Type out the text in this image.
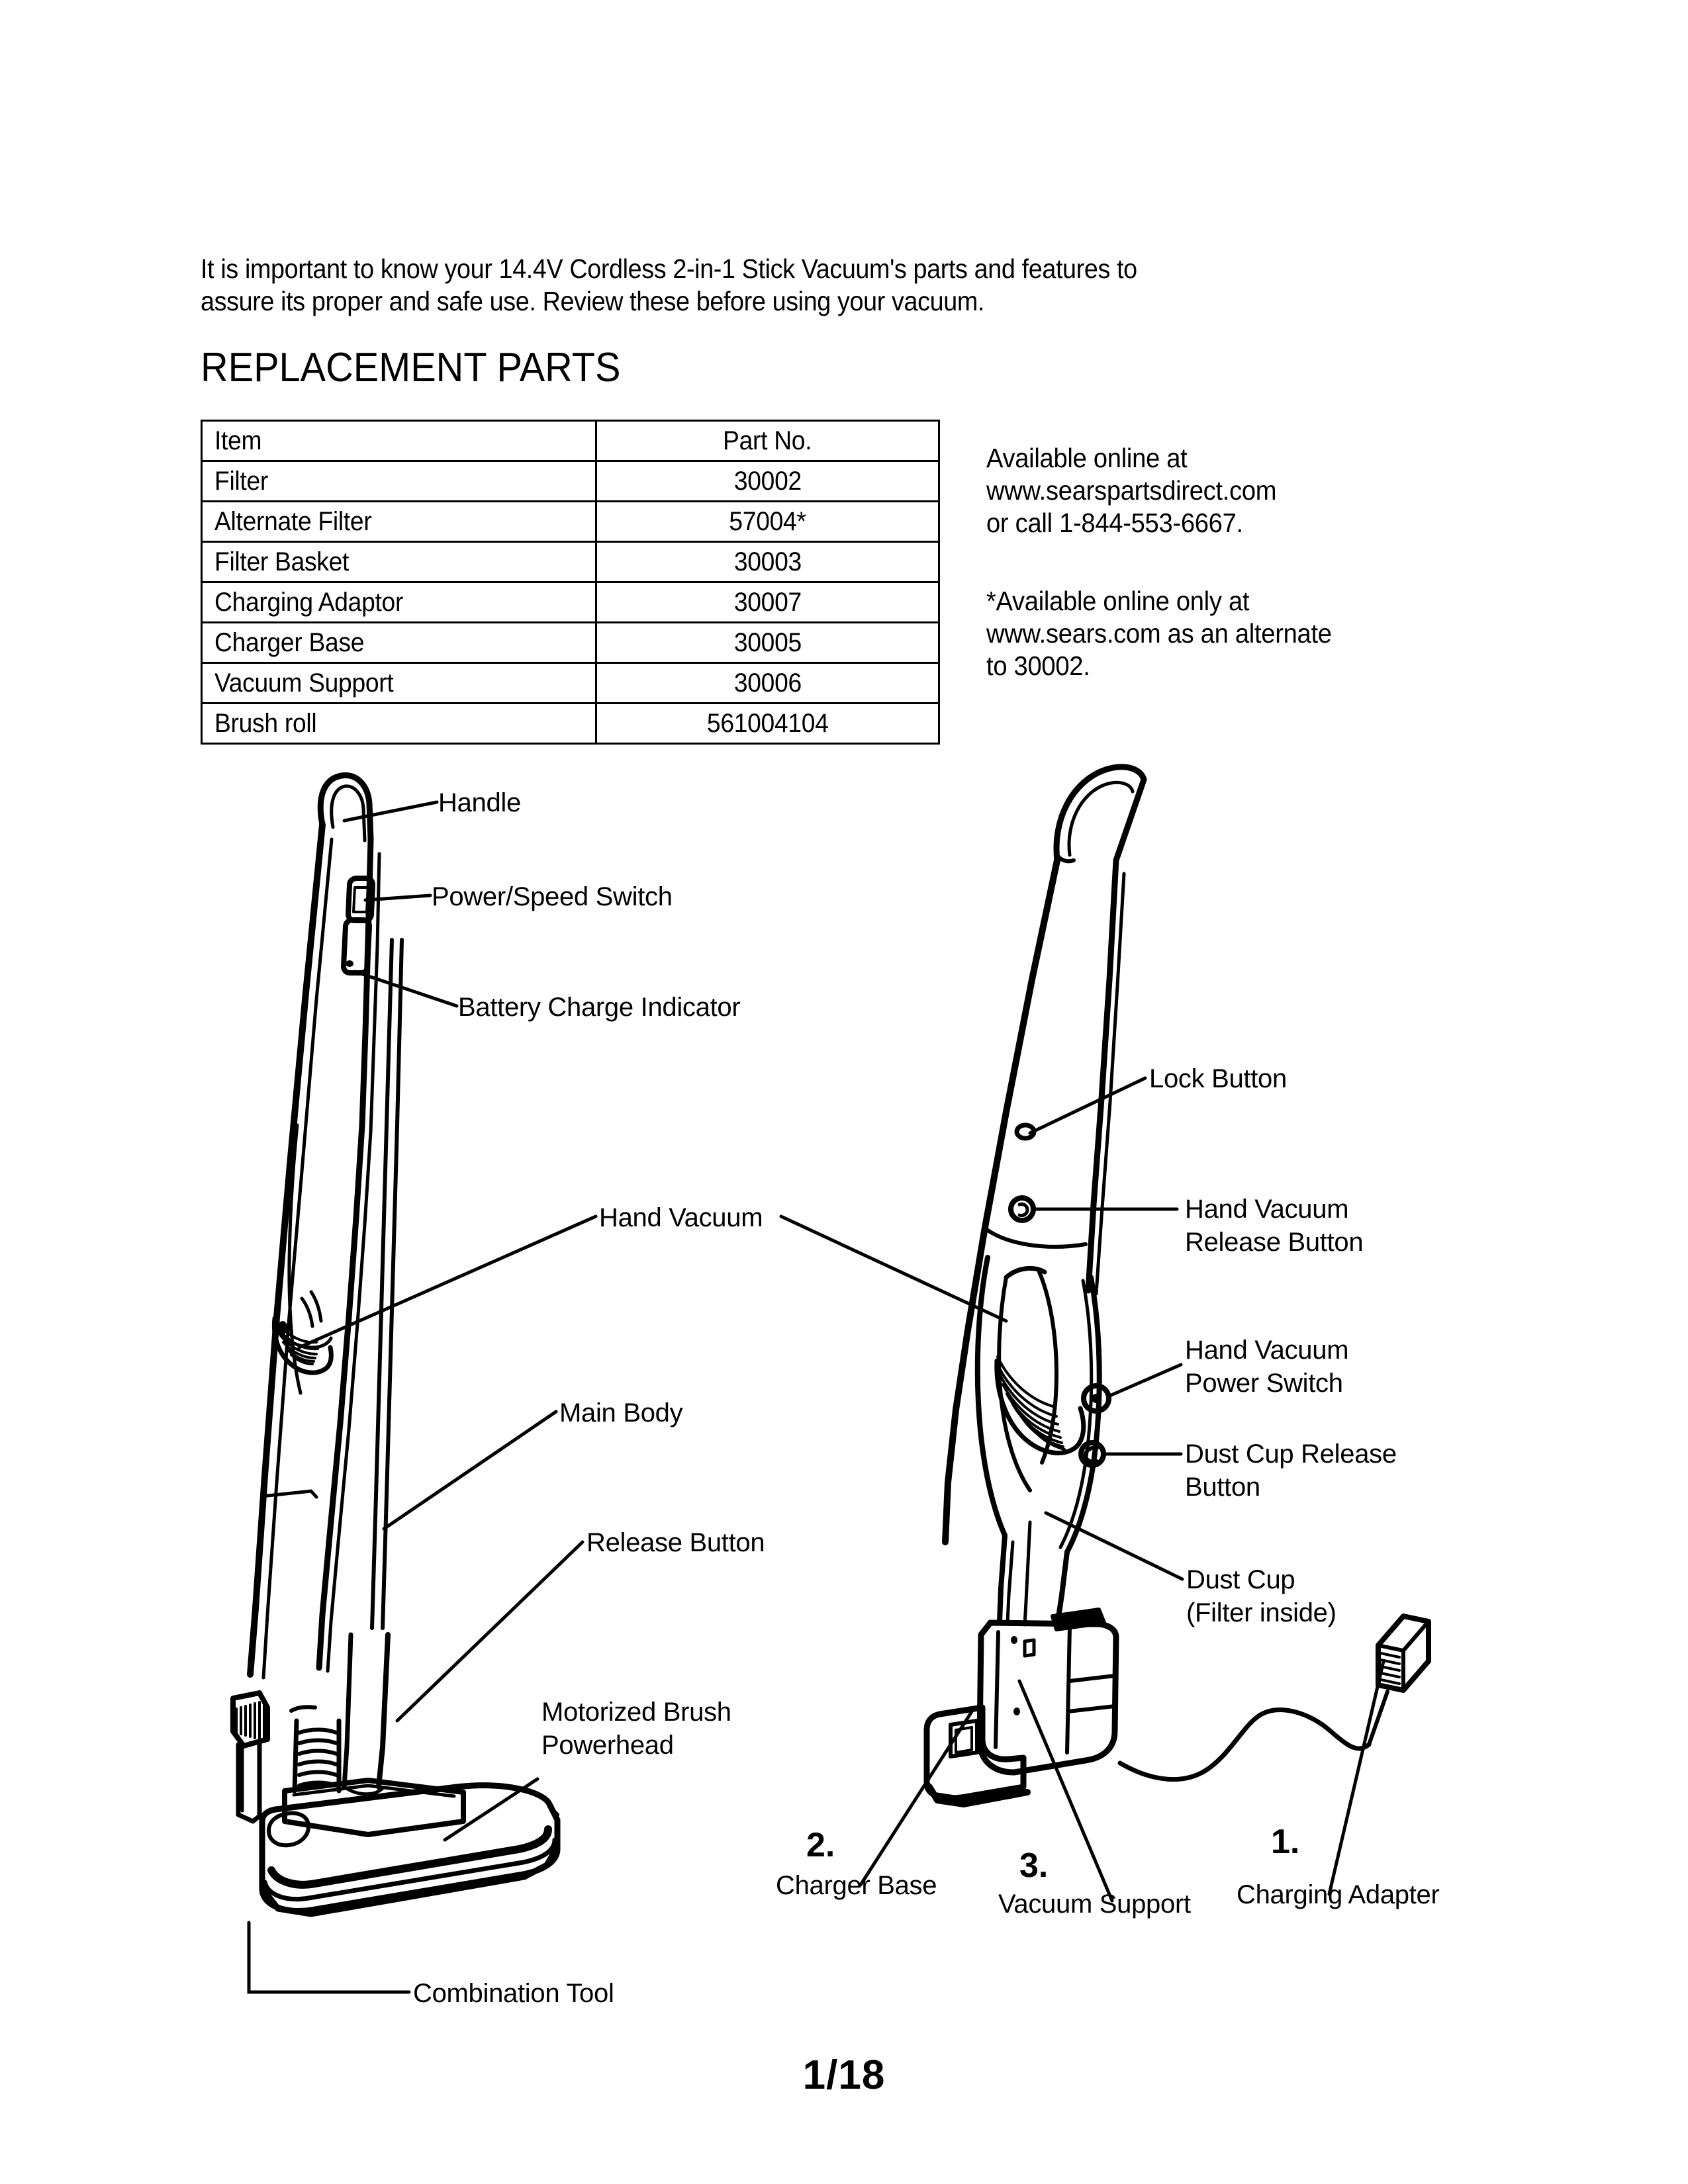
It is important to know your 14.4V Cordless 2-in-1 Stick Vacuum's parts and features to
assure its proper and safe use. Review these before using your vacuum.
REPLACEMENT PARTS
Item	Part No.
Filter	30002
Alternate Filter	57004*
Filter Basket	30003
Charging Adaptor	30007
Charger Base	30005
Vacuum Support	30006
Brush roll	561004104
Available online at
www.searspartsdirect.com
or call 1-844-553-6667.
*Available online only at
www.sears.com as an alternate
to 30002.
Handle
Power/Speed Switch
Battery Charge Indicator
Hand Vacuum
Main Body
Release Button
Motorized Brush
Powerhead
Combination Tool
Lock Button
Hand Vacuum
Release Button
Hand Vacuum
Power Switch
Dust Cup Release
Button
Dust Cup
(Filter inside)
Charger Base
Vacuum Support Charging Adapter
2.
3.
1.
1/18
